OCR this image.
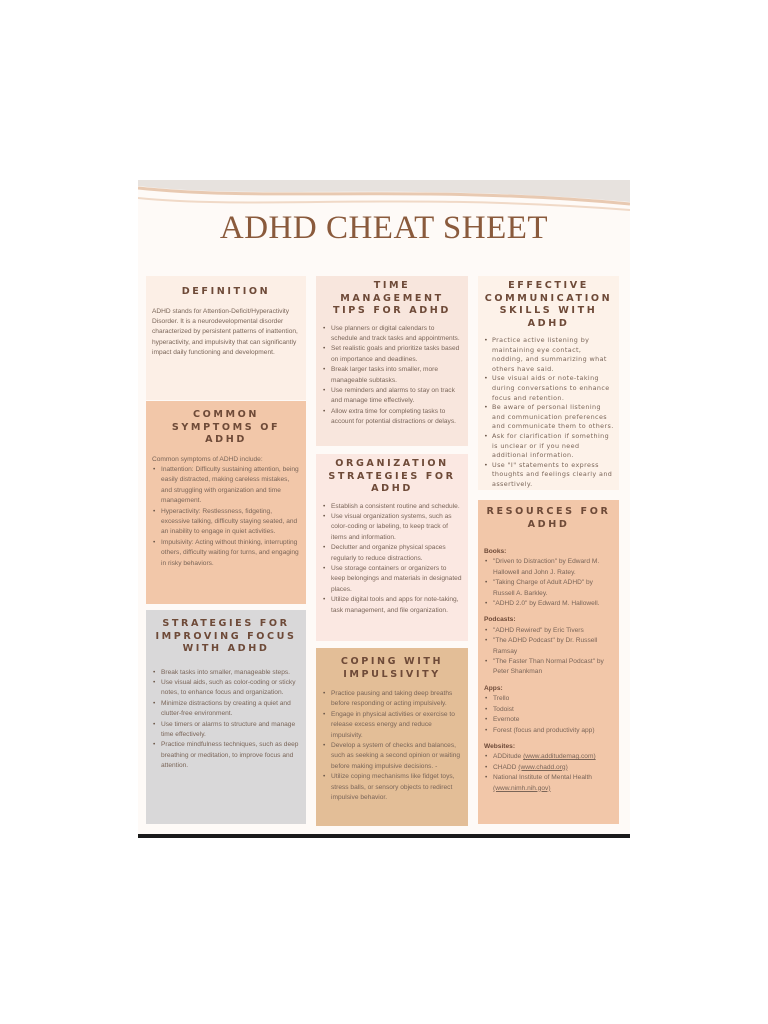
ADHD CHEAT SHEET
DEFINITION

ADHD stands for Attention-Deficit/Hyperactivity Disorder. It is a neurodevelopmental disorder characterized by persistent patterns of inattention, hyperactivity, and impulsivity that can significantly impact daily functioning and development.

COMMON
SYMPTOMS OF ADHD
Common symptoms of ADHD include:
• Inattention: Difficulty sustaining attention, being easily distracted, making careless mistakes, and struggling with organization and time management.
• Hyperactivity: Restlessness, fidgeting, excessive talking, difficulty staying seated, and an inability to engage in quiet activities.
• Impulsivity: Acting without thinking, interrupting others, difficulty waiting for turns, and engaging in risky behaviors.
STRATEGIES FOR
IMPROVING FOCUS
WITH ADHD
• Break tasks into smaller, manageable steps.
• Use visual aids, such as color-coding or sticky notes, to enhance focus and organization.
• Minimize distractions by creating a quiet and clutter-free environment.
• Use timers or alarms to structure and manage time effectively.
• Practice mindfulness techniques, such as deep breathing or meditation, to improve focus and attention.
TIME MANAGEMENT
TIPS FOR ADHD
• Use planners or digital calendars to schedule and track tasks and appointments.
• Set realistic goals and prioritize tasks based on importance and deadlines.
• Break larger tasks into smaller, more manageable subtasks.
• Use reminders and alarms to stay on track and manage time effectively.
• Allow extra time for completing tasks to account for potential distractions or delays.
ORGANIZATION
STRATEGIES FOR ADHD
• Establish a consistent routine and schedule.
• Use visual organization systems, such as color-coding or labeling, to keep track of items and information.
• Declutter and organize physical spaces regularly to reduce distractions.
• Use storage containers or organizers to keep belongings and materials in designated places.
• Utilize digital tools and apps for note-taking, task management, and file organization.
COPING WITH
IMPULSIVITY
• Practice pausing and taking deep breaths before responding or acting impulsively.
• Engage in physical activities or exercise to release excess energy and reduce impulsivity.
• Develop a system of checks and balances, such as seeking a second opinion or waiting before making impulsive decisions. -
• Utilize coping mechanisms like fidget toys, stress balls, or sensory objects to redirect impulsive behavior.
EFFECTIVE
COMMUNICATION
SKILLS WITH ADHD
• Practice active listening by maintaining eye contact, nodding, and summarizing what others have said.
• Use visual aids or note-taking during conversations to enhance focus and retention.
• Be aware of personal listening and communication preferences and communicate them to others.
• Ask for clarification if something is unclear or if you need additional information.
• Use "I" statements to express thoughts and feelings clearly and assertively.
RESOURCES FOR
ADHD
Books:
• "Driven to Distraction" by Edward M. Hallowell and John J. Ratey.
• "Taking Charge of Adult ADHD" by Russell A. Barkley.
• "ADHD 2.0" by Edward M. Hallowell.
Podcasts:
• "ADHD Rewired" by Eric Tivers
• "The ADHD Podcast" by Dr. Russell Ramsay
• "The Faster Than Normal Podcast" by Peter Shankman
Apps:
• Trello
• Todoist
• Evernote
• Forest (focus and productivity app)
Websites:
• ADDitude (www.additudemag.com)
• CHADD (www.chadd.org)
• National Institute of Mental Health (www.nimh.nih.gov)
